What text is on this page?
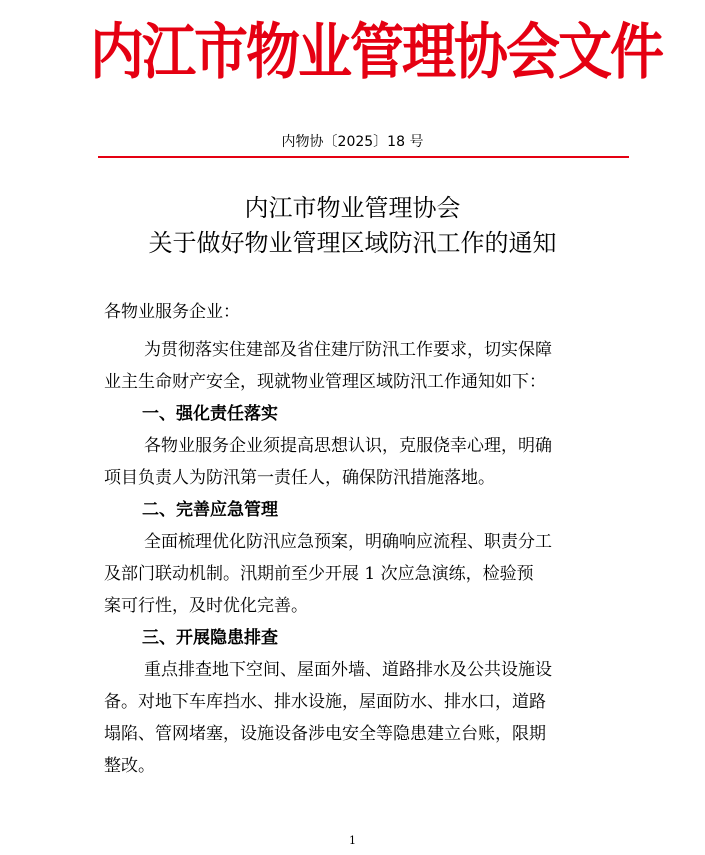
内江市物业管理协会文件
内物协〔2025〕18 号
内江市物业管理协会
关于做好物业管理区域防汛工作的通知

各物业服务企业：

为贯彻落实住建部及省住建厅防汛工作要求，切实保障

业主生命财产安全，现就物业管理区域防汛工作通知如下：

一、强化责任落实

各物业服务企业须提高思想认识，克服侥幸心理，明确

项目负责人为防汛第一责任人，确保防汛措施落地。

二、完善应急管理

全面梳理优化防汛应急预案，明确响应流程、职责分工

及部门联动机制。汛期前至少开展 1 次应急演练，检验预

案可行性，及时优化完善。

三、开展隐患排查

重点排查地下空间、屋面外墙、道路排水及公共设施设

备。对地下车库挡水、排水设施，屋面防水、排水口，道路

塌陷、管网堵塞，设施设备涉电安全等隐患建立台账，限期

整改。

1
